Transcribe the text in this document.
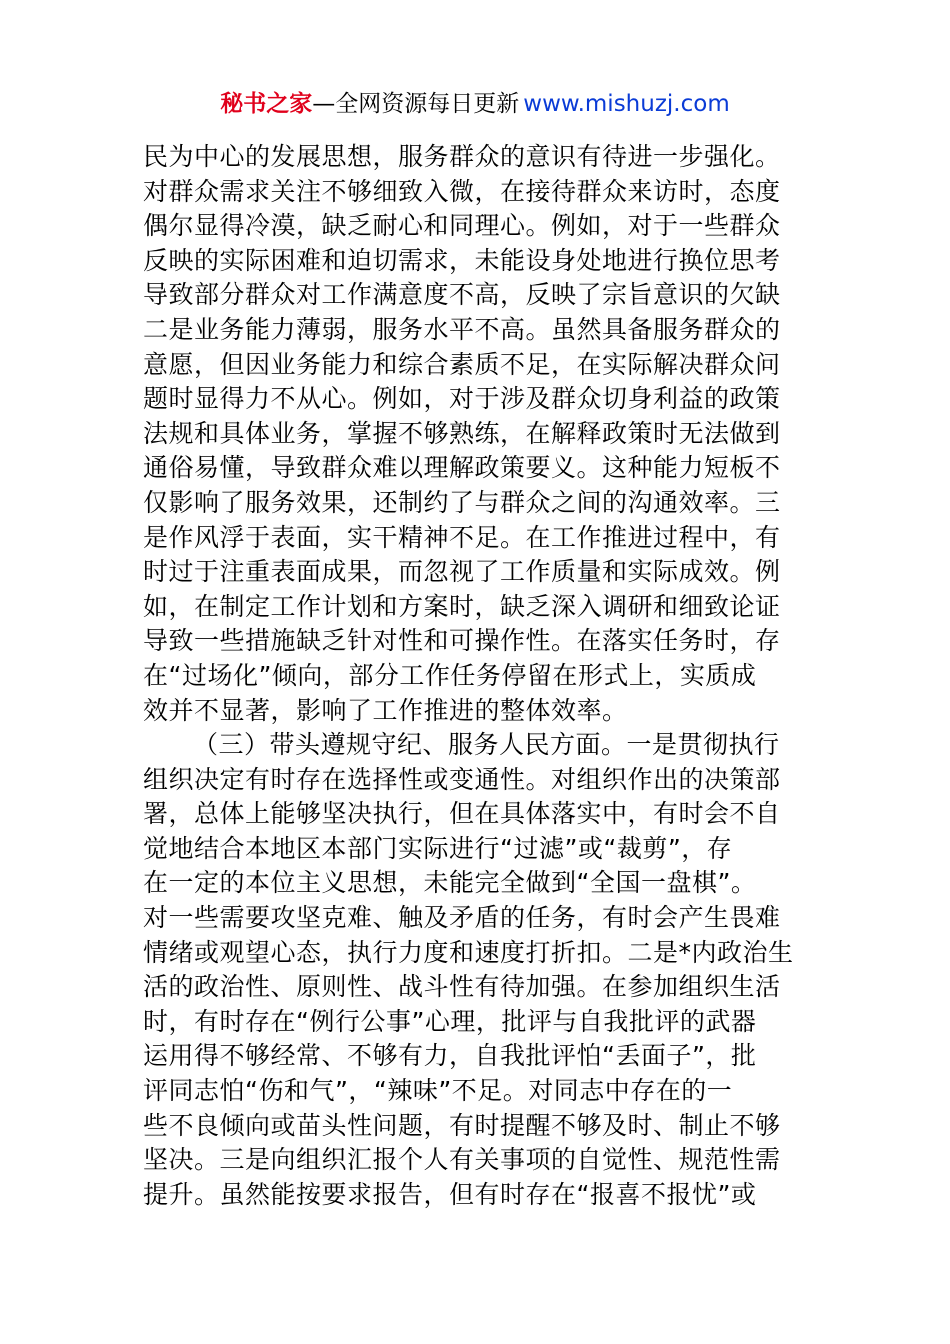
秘书之家—全网资源每日更新 www.mishuzj.com
民为中心的发展思想，服务群众的意识有待进一步强化。
对群众需求关注不够细致入微，在接待群众来访时，态度
偶尔显得冷漠，缺乏耐心和同理心。例如，对于一些群众
反映的实际困难和迫切需求，未能设身处地进行换位思考
导致部分群众对工作满意度不高，反映了宗旨意识的欠缺
二是业务能力薄弱，服务水平不高。虽然具备服务群众的
意愿，但因业务能力和综合素质不足，在实际解决群众问
题时显得力不从心。例如，对于涉及群众切身利益的政策
法规和具体业务，掌握不够熟练，在解释政策时无法做到
通俗易懂，导致群众难以理解政策要义。这种能力短板不
仅影响了服务效果，还制约了与群众之间的沟通效率。三
是作风浮于表面，实干精神不足。在工作推进过程中，有
时过于注重表面成果，而忽视了工作质量和实际成效。例
如，在制定工作计划和方案时，缺乏深入调研和细致论证
导致一些措施缺乏针对性和可操作性。在落实任务时，存
在“过场化”倾向，部分工作任务停留在形式上，实质成
效并不显著，影响了工作推进的整体效率。
（三）带头遵规守纪、服务人民方面。一是贯彻执行
组织决定有时存在选择性或变通性。对组织作出的决策部
署，总体上能够坚决执行，但在具体落实中，有时会不自
觉地结合本地区本部门实际进行“过滤”或“裁剪”，存
在一定的本位主义思想，未能完全做到“全国一盘棋”。
对一些需要攻坚克难、触及矛盾的任务，有时会产生畏难
情绪或观望心态，执行力度和速度打折扣。二是*内政治生
活的政治性、原则性、战斗性有待加强。在参加组织生活
时，有时存在“例行公事”心理，批评与自我批评的武器
运用得不够经常、不够有力，自我批评怕“丢面子”，批
评同志怕“伤和气”，“辣味”不足。对同志中存在的一
些不良倾向或苗头性问题，有时提醒不够及时、制止不够
坚决。三是向组织汇报个人有关事项的自觉性、规范性需
提升。虽然能按要求报告，但有时存在“报喜不报忧”或
